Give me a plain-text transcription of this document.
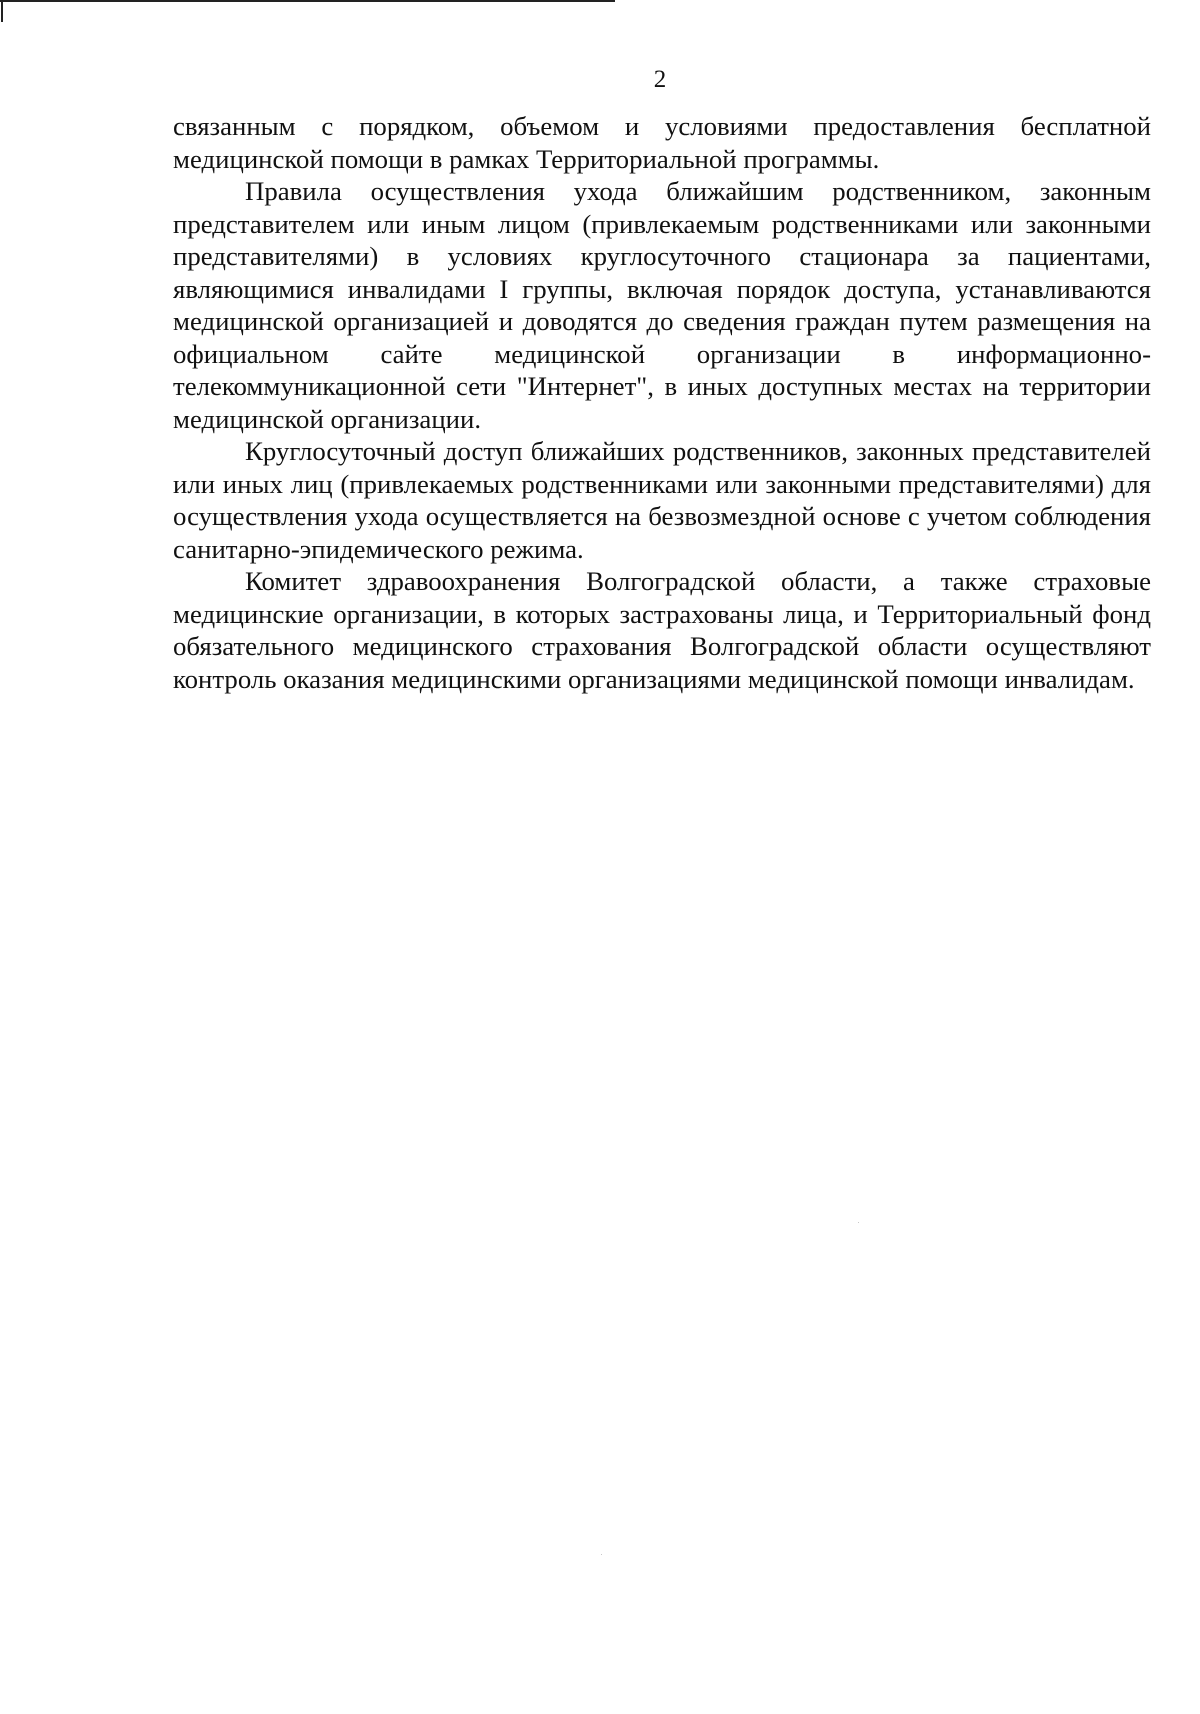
2

связанным с порядком, объемом и условиями предоставления бесплатной медицинской помощи в рамках Территориальной программы.

Правила осуществления ухода ближайшим родственником, законным представителем или иным лицом (привлекаемым родственниками или законными представителями) в условиях круглосуточного стационара за пациентами, являющимися инвалидами I группы, включая порядок доступа, устанавливаются медицинской организацией и доводятся до сведения граждан путем размещения на официальном сайте медицинской организации в информационно-телекоммуникационной сети "Интернет", в иных доступных местах на территории медицинской организации.

Круглосуточный доступ ближайших родственников, законных представителей или иных лиц (привлекаемых родственниками или законными представителями) для осуществления ухода осуществляется на безвозмездной основе с учетом соблюдения санитарно-эпидемического режима.

Комитет здравоохранения Волгоградской области, а также страховые медицинские организации, в которых застрахованы лица, и Территориальный фонд обязательного медицинского страхования Волгоградской области осуществляют контроль оказания медицинскими организациями медицинской помощи инвалидам.
